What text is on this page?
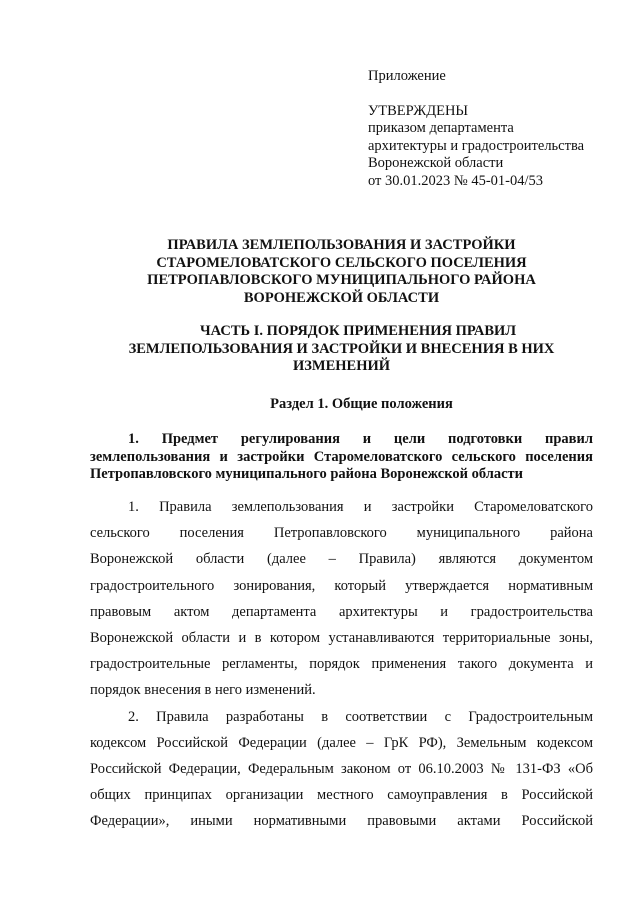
Приложение
УТВЕРЖДЕНЫ
приказом департамента
архитектуры и градостроительства
Воронежской области
от 30.01.2023 № 45-01-04/53
ПРАВИЛА ЗЕМЛЕПОЛЬЗОВАНИЯ И ЗАСТРОЙКИ
СТАРОМЕЛОВАТСКОГО СЕЛЬСКОГО ПОСЕЛЕНИЯ
ПЕТРОПАВЛОВСКОГО МУНИЦИПАЛЬНОГО РАЙОНА
ВОРОНЕЖСКОЙ ОБЛАСТИ
ЧАСТЬ I. ПОРЯДОК ПРИМЕНЕНИЯ ПРАВИЛ
ЗЕМЛЕПОЛЬЗОВАНИЯ И ЗАСТРОЙКИ И ВНЕСЕНИЯ В НИХ
ИЗМЕНЕНИЙ
Раздел 1. Общие положения
1. Предмет регулирования и цели подготовки правил
землепользования и застройки Старомеловатского сельского поселения
Петропавловского муниципального района Воронежской области
1. Правила землепользования и застройки Старомеловатского
сельского поселения Петропавловского муниципального района
Воронежской области (далее – Правила) являются документом
градостроительного зонирования, который утверждается нормативным
правовым актом департамента архитектуры и градостроительства
Воронежской области и в котором устанавливаются территориальные зоны,
градостроительные регламенты, порядок применения такого документа и
порядок внесения в него изменений.
2. Правила разработаны в соответствии с Градостроительным
кодексом Российской Федерации (далее – ГрК РФ), Земельным кодексом
Российской Федерации, Федеральным законом от 06.10.2003 № 131-ФЗ «Об
общих принципах организации местного самоуправления в Российской
Федерации», иными нормативными правовыми актами Российской
